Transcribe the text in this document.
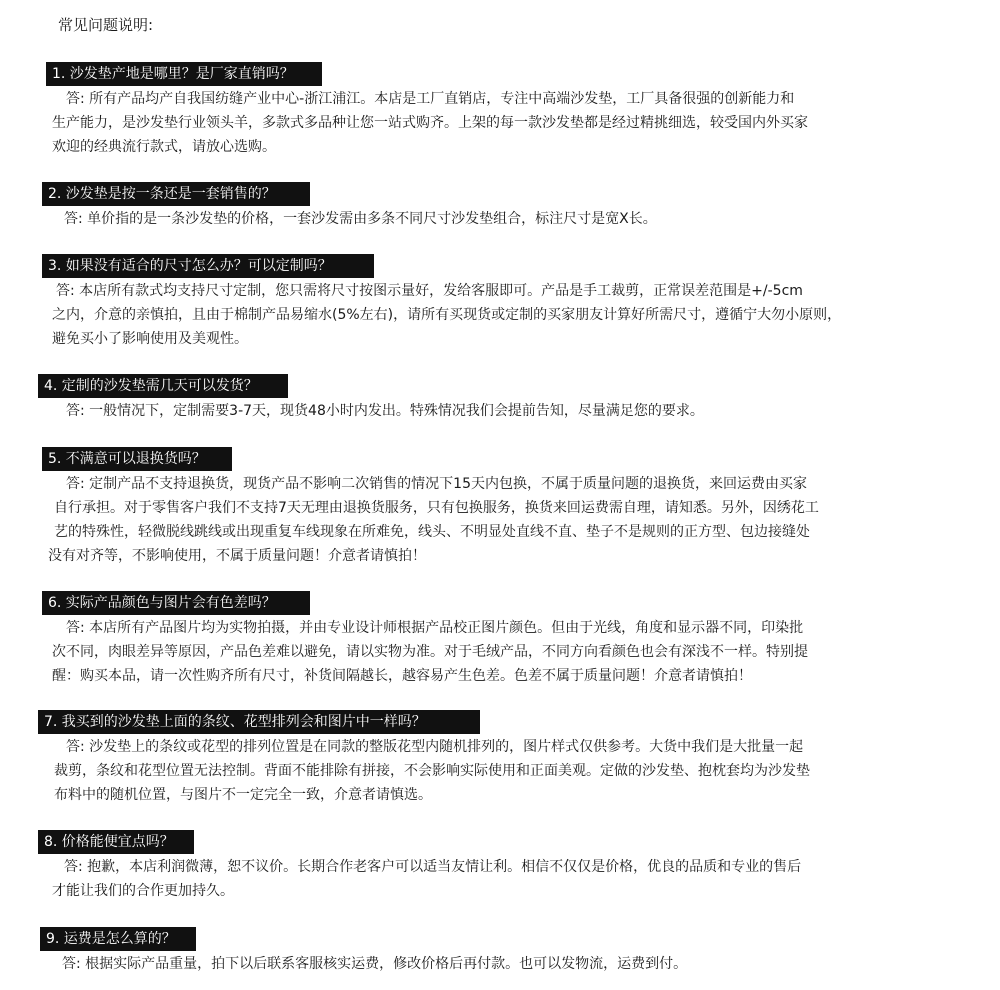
常见问题说明:
1. 沙发垫产地是哪里？是厂家直销吗？
答: 所有产品均产自我国纺缝产业中心-浙江浦江。本店是工厂直销店，专注中高端沙发垫，工厂具备很强的创新能力和
生产能力，是沙发垫行业领头羊，多款式多品种让您一站式购齐。上架的每一款沙发垫都是经过精挑细选，较受国内外买家
欢迎的经典流行款式，请放心选购。
2. 沙发垫是按一条还是一套销售的？
答: 单价指的是一条沙发垫的价格，一套沙发需由多条不同尺寸沙发垫组合，标注尺寸是宽X长。
3. 如果没有适合的尺寸怎么办？可以定制吗？
答: 本店所有款式均支持尺寸定制，您只需将尺寸按图示量好，发给客服即可。产品是手工裁剪，正常误差范围是+/-5cm
之内，介意的亲慎拍，且由于棉制产品易缩水(5%左右)，请所有买现货或定制的买家朋友计算好所需尺寸，遵循宁大勿小原则，
避免买小了影响使用及美观性。
4. 定制的沙发垫需几天可以发货？
答: 一般情况下，定制需要3-7天，现货48小时内发出。特殊情况我们会提前告知，尽量满足您的要求。
5. 不满意可以退换货吗？
答: 定制产品不支持退换货，现货产品不影响二次销售的情况下15天内包换，不属于质量问题的退换货，来回运费由买家
自行承担。对于零售客户我们不支持7天无理由退换货服务，只有包换服务，换货来回运费需自理，请知悉。另外，因绣花工
艺的特殊性，轻微脱线跳线或出现重复车线现象在所难免，线头、不明显处直线不直、垫子不是规则的正方型、包边接缝处
没有对齐等，不影响使用，不属于质量问题！介意者请慎拍！
6. 实际产品颜色与图片会有色差吗？
答: 本店所有产品图片均为实物拍摄，并由专业设计师根据产品校正图片颜色。但由于光线，角度和显示器不同，印染批
次不同，肉眼差异等原因，产品色差难以避免，请以实物为准。对于毛绒产品，不同方向看颜色也会有深浅不一样。特别提
醒：购买本品，请一次性购齐所有尺寸，补货间隔越长，越容易产生色差。色差不属于质量问题！介意者请慎拍！
7. 我买到的沙发垫上面的条纹、花型排列会和图片中一样吗？
答: 沙发垫上的条纹或花型的排列位置是在同款的整版花型内随机排列的，图片样式仅供参考。大货中我们是大批量一起
裁剪，条纹和花型位置无法控制。背面不能排除有拼接，不会影响实际使用和正面美观。定做的沙发垫、抱枕套均为沙发垫
布料中的随机位置，与图片不一定完全一致，介意者请慎选。
8. 价格能便宜点吗？
答: 抱歉，本店利润微薄，恕不议价。长期合作老客户可以适当友情让利。相信不仅仅是价格，优良的品质和专业的售后
才能让我们的合作更加持久。
9. 运费是怎么算的？
答: 根据实际产品重量，拍下以后联系客服核实运费，修改价格后再付款。也可以发物流，运费到付。
